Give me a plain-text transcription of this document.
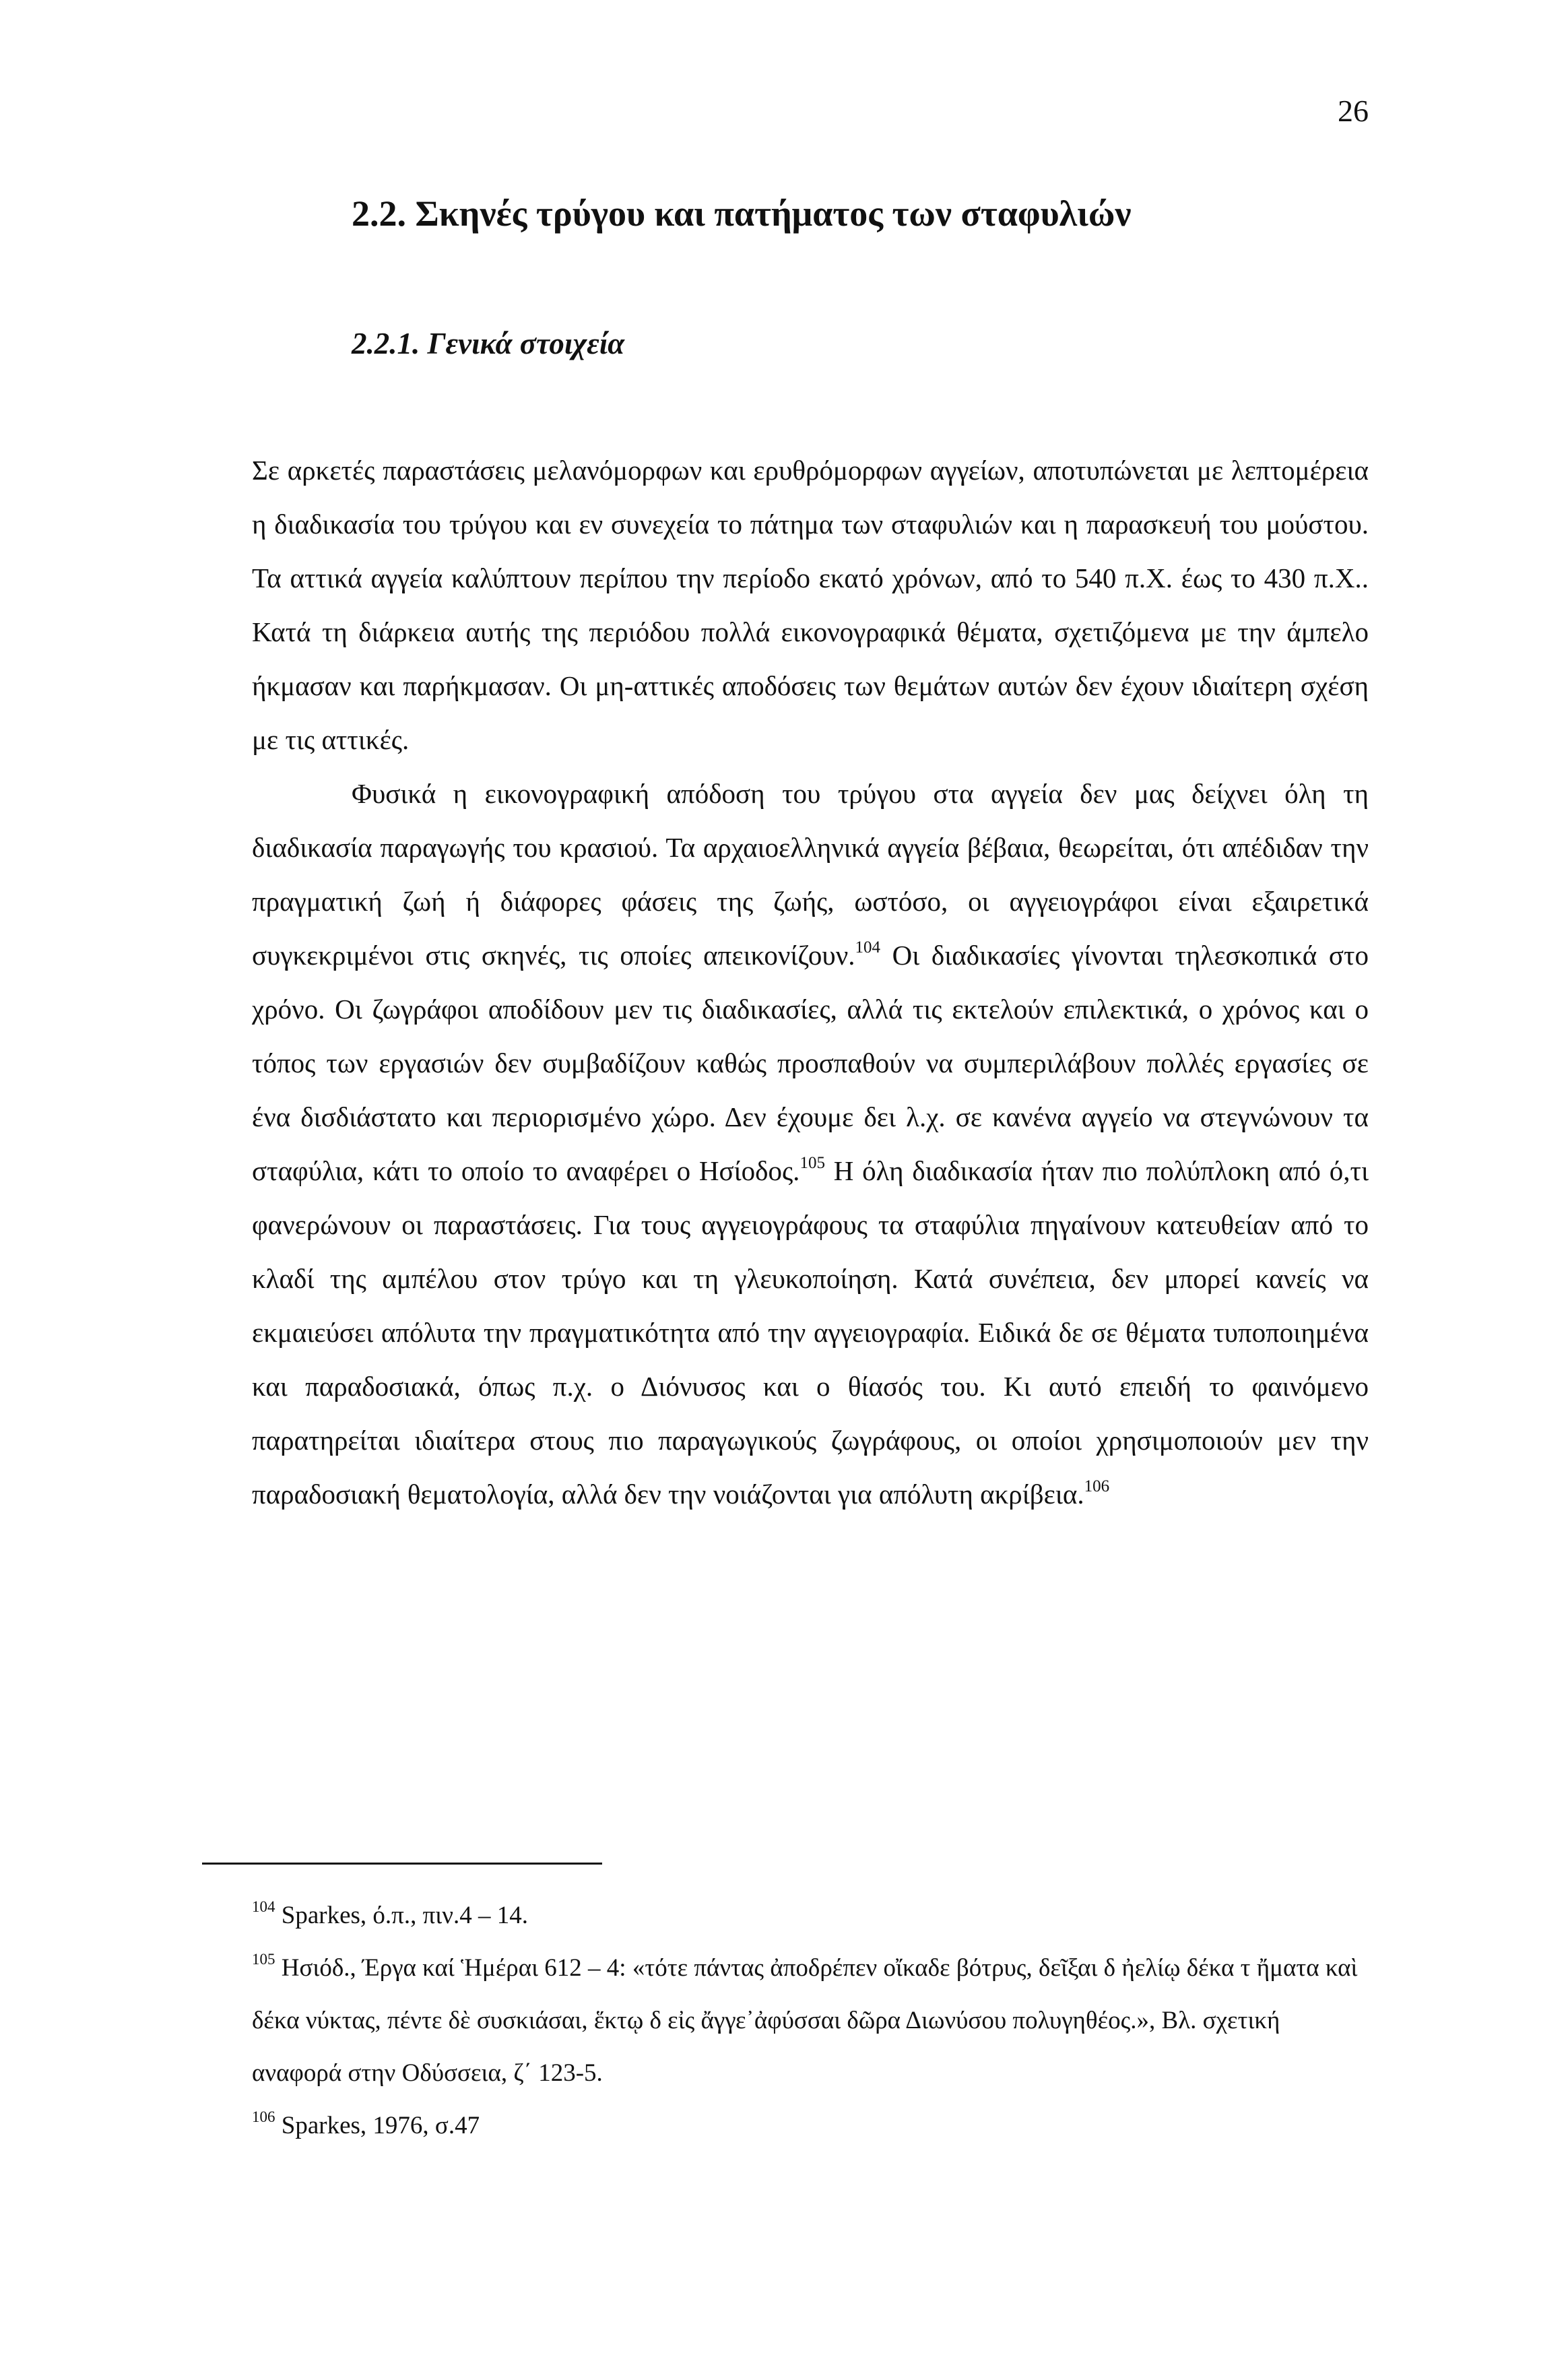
26
2.2. Σκηνές τρύγου και πατήματος των σταφυλιών
2.2.1. Γενικά στοιχεία

Σε αρκετές παραστάσεις μελανόμορφων και ερυθρόμορφων αγγείων, αποτυπώνεται με λεπτομέρεια η διαδικασία του τρύγου και εν συνεχεία το πάτημα των σταφυλιών και η παρασκευή του μούστου. Τα αττικά αγγεία καλύπτουν περίπου την περίοδο εκατό χρόνων, από το 540 π.Χ. έως το 430 π.Χ.. Κατά τη διάρκεια αυτής της περιόδου πολλά εικονογραφικά θέματα, σχετιζόμενα με την άμπελο ήκμασαν και παρήκμασαν. Οι μη-αττικές αποδόσεις των θεμάτων αυτών δεν έχουν ιδιαίτερη σχέση με τις αττικές.

Φυσικά η εικονογραφική απόδοση του τρύγου στα αγγεία δεν μας δείχνει όλη τη διαδικασία παραγωγής του κρασιού. Τα αρχαιοελληνικά αγγεία βέβαια, θεωρείται, ότι απέδιδαν την πραγματική ζωή ή διάφορες φάσεις της ζωής, ωστόσο, οι αγγειογράφοι είναι εξαιρετικά συγκεκριμένοι στις σκηνές, τις οποίες απεικονίζουν.$^{104}$ Οι διαδικασίες γίνονται τηλεσκοπικά στο χρόνο. Οι ζωγράφοι αποδίδουν μεν τις διαδικασίες, αλλά τις εκτελούν επιλεκτικά, ο χρόνος και ο τόπος των εργασιών δεν συμβαδίζουν καθώς προσπαθούν να συμπεριλάβουν πολλές εργασίες σε ένα δισδιάστατο και περιορισμένο χώρο. Δεν έχουμε δει λ.χ. σε κανένα αγγείο να στεγνώνουν τα σταφύλια, κάτι το οποίο το αναφέρει ο Ησίοδος.$^{105}$ Η όλη διαδικασία ήταν πιο πολύπλοκη από ό,τι φανερώνουν οι παραστάσεις. Για τους αγγειογράφους τα σταφύλια πηγαίνουν κατευθείαν από το κλαδί της αμπέλου στον τρύγο και τη γλευκοποίηση. Κατά συνέπεια, δεν μπορεί κανείς να εκμαιεύσει απόλυτα την πραγματικότητα από την αγγειογραφία. Ειδικά δε σε θέματα τυποποιημένα και παραδοσιακά, όπως π.χ. ο Διόνυσος και ο θίασός του. Κι αυτό επειδή το φαινόμενο παρατηρείται ιδιαίτερα στους πιο παραγωγικούς ζωγράφους, οι οποίοι χρησιμοποιούν μεν την παραδοσιακή θεματολογία, αλλά δεν την νοιάζονται για απόλυτη ακρίβεια.$^{106}$

$^{104}$ Sparkes, ό.π., πιν.4 – 14.

$^{105}$ Ησιόδ., Έργα καί Ἡμέραι 612 – 4: «τότε πάντας ἀποδρέπεν οἴκαδε βότρυς, δεῖξαι δ ἠελίῳ δέκα τ ἤματα καὶ δέκα νύκτας, πέντε δὲ συσκιάσαι, ἕκτῳ δ εἰς ἄγγε᾿ἀφύσσαι δῶρα Διωνύσου πολυγηθέος.», Βλ. σχετική αναφορά στην Οδύσσεια, ζ΄ 123-5.

$^{106}$ Sparkes, 1976, σ.47
